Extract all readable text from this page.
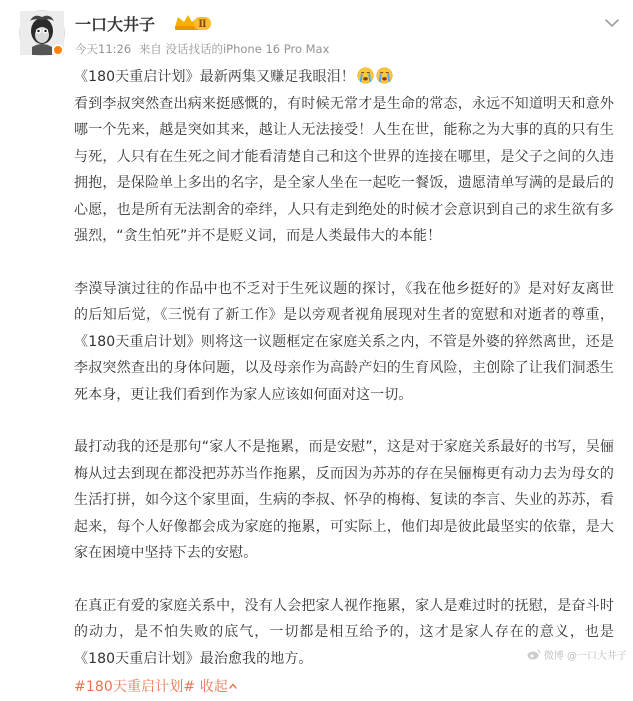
一口大井子	Ⅱ
今天11:26 来自 没话找话的iPhone 16 Pro Max

《180天重启计划》最新两集又赚足我眼泪！

看到李叔突然查出病来挺感慨的，有时候无常才是生命的常态，永远不知道明天和意外哪一个先来，越是突如其来，越让人无法接受！人生在世，能称之为大事的真的只有生与死，人只有在生死之间才能看清楚自己和这个世界的连接在哪里，是父子之间的久违拥抱，是保险单上多出的名字，是全家人坐在一起吃一餐饭，遗愿清单写满的是最后的心愿，也是所有无法割舍的牵绊，人只有走到绝处的时候才会意识到自己的求生欲有多强烈，“贪生怕死”并不是贬义词，而是人类最伟大的本能！

李漠导演过往的作品中也不乏对于生死议题的探讨，《我在他乡挺好的》是对好友离世的后知后觉，《三悦有了新工作》是以旁观者视角展现对生者的宽慰和对逝者的尊重，《180天重启计划》则将这一议题框定在家庭关系之内，不管是外婆的猝然离世，还是李叔突然查出的身体问题，以及母亲作为高龄产妇的生育风险，主创除了让我们洞悉生死本身，更让我们看到作为家人应该如何面对这一切。

最打动我的还是那句“家人不是拖累，而是安慰”，这是对于家庭关系最好的书写，吴俪梅从过去到现在都没把苏苏当作拖累，反而因为苏苏的存在吴俪梅更有动力去为母女的生活打拼，如今这个家里面，生病的李叔、怀孕的梅梅、复读的李言、失业的苏苏，看起来，每个人好像都会成为家庭的拖累，可实际上，他们却是彼此最坚实的依靠，是大家在困境中坚持下去的安慰。

在真正有爱的家庭关系中，没有人会把家人视作拖累，家人是难过时的抚慰，是奋斗时的动力，是不怕失败的底气，一切都是相互给予的，这才是家人存在的意义，也是《180天重启计划》最治愈我的地方。

#180天重启计划# 收起
微博 @一口大井子
